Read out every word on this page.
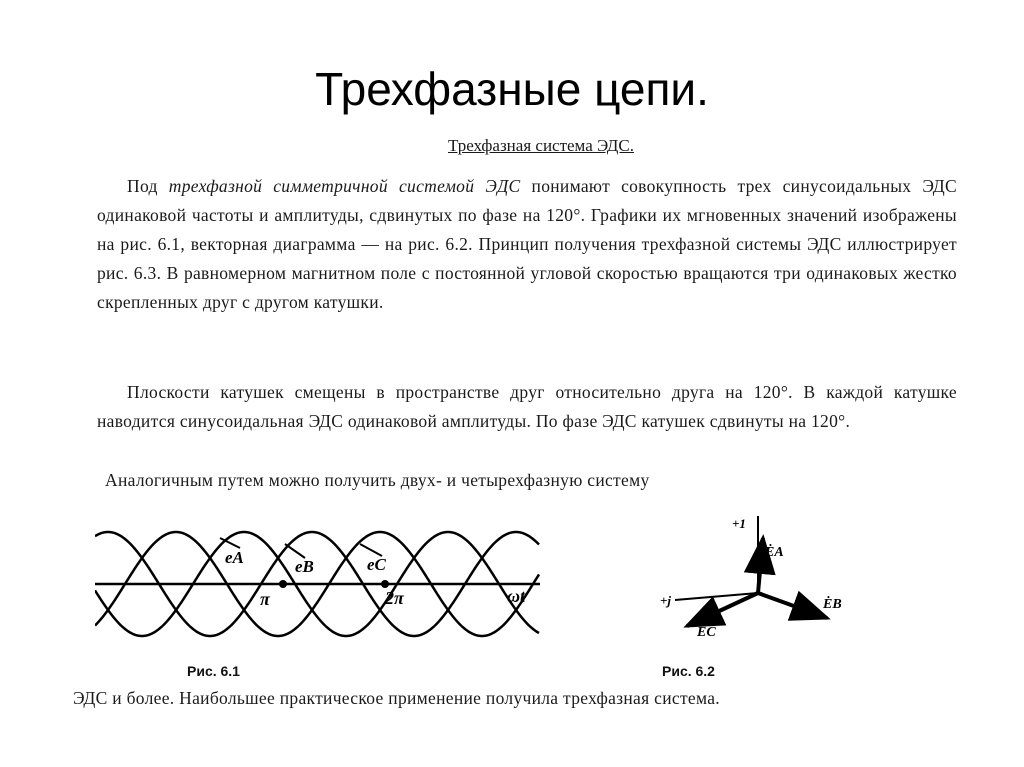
Трехфазные цепи.
Трехфазная система ЭДС.
Под трехфазной симметричной системой ЭДС понимают совокупность трех синусоидальных ЭДС одинаковой частоты и амплитуды, сдвинутых по фазе на 120°. Графики их мгновенных значений изображены на рис. 6.1, векторная диаграмма — на рис. 6.2. Принцип получения трехфазной системы ЭДС иллюстрирует рис. 6.3. В равномерном магнитном поле с постоянной угловой скоростью вращаются три одинаковых жестко скрепленных друг с другом катушки.
Плоскости катушек смещены в пространстве друг относительно друга на 120°. В каждой катушке наводится синусоидальная ЭДС одинаковой амплитуды. По фазе ЭДС катушек сдвинуты на 120°.
Аналогичным путем можно получить двух- и четырехфазную систему
eA	eB	eC
π	2π	ωt
Рис. 6.1
+1
+j
ĖA
ĖB
ĖC
Рис. 6.2
ЭДС и более. Наибольшее практическое применение получила трехфазная система.
